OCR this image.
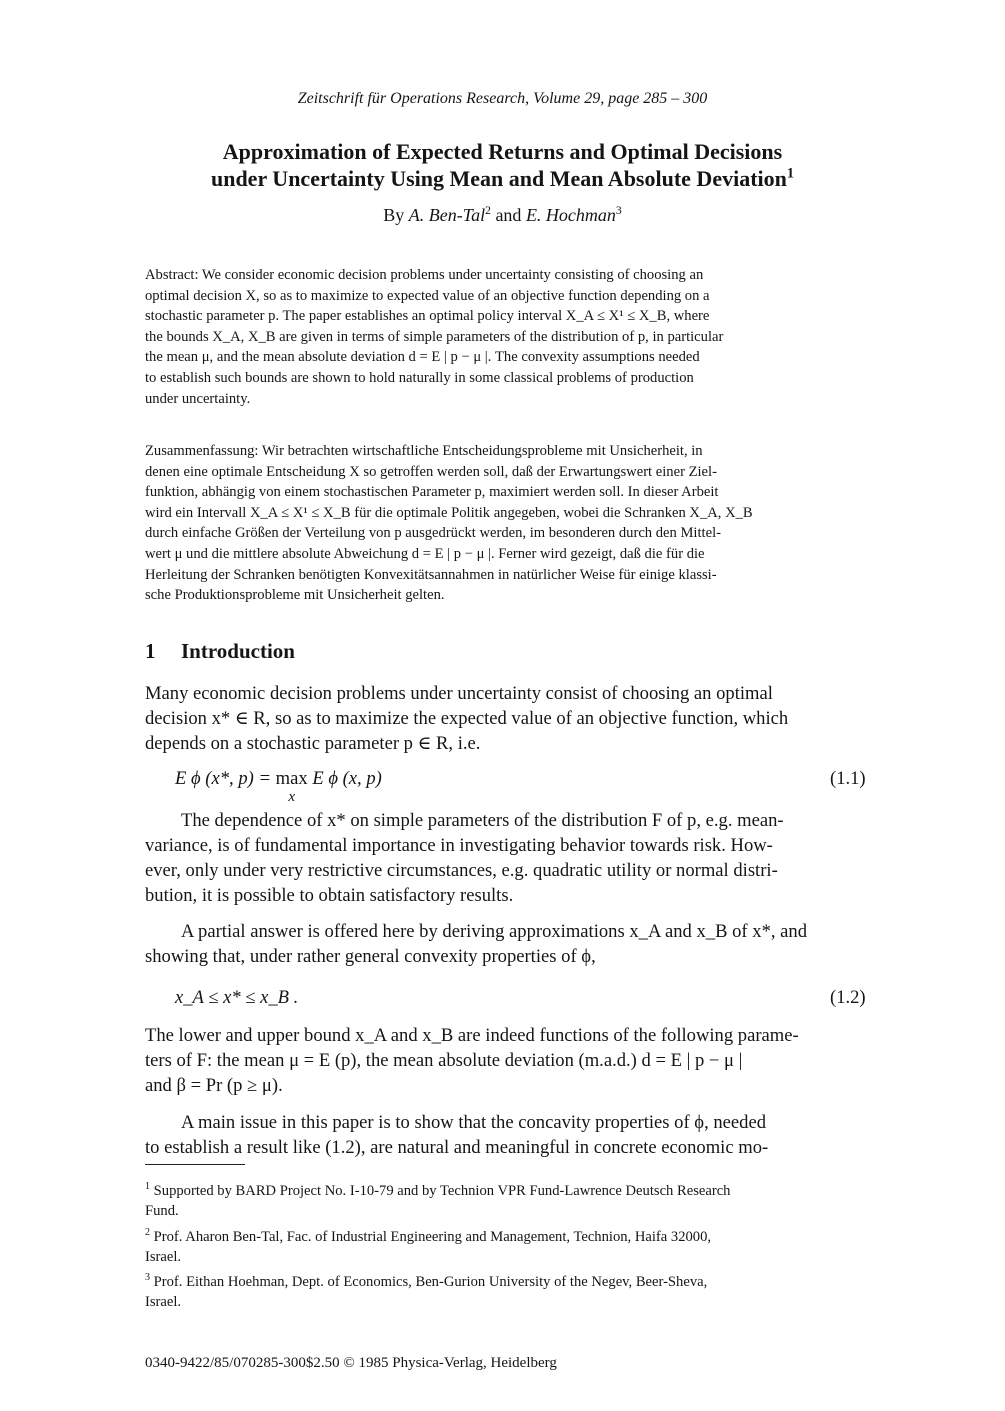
Zeitschrift für Operations Research, Volume 29, page 285 – 300
Approximation of Expected Returns and Optimal Decisions
under Uncertainty Using Mean and Mean Absolute Deviation$^1$
By A. Ben-Tal$^2$ and E. Hochman$^3$
Abstract: We consider economic decision problems under uncertainty consisting of choosing an
optimal decision X, so as to maximize to expected value of an objective function depending on a
stochastic parameter p. The paper establishes an optimal policy interval X_A ≤ X¹ ≤ X_B, where
the bounds X_A, X_B are given in terms of simple parameters of the distribution of p, in particular
the mean μ, and the mean absolute deviation d = E | p − μ |. The convexity assumptions needed
to establish such bounds are shown to hold naturally in some classical problems of production
under uncertainty.
Zusammenfassung: Wir betrachten wirtschaftliche Entscheidungsprobleme mit Unsicherheit, in
denen eine optimale Entscheidung X so getroffen werden soll, daß der Erwartungswert einer Ziel-
funktion, abhängig von einem stochastischen Parameter p, maximiert werden soll. In dieser Arbeit
wird ein Intervall X_A ≤ X¹ ≤ X_B für die optimale Politik angegeben, wobei die Schranken X_A, X_B
durch einfache Größen der Verteilung von p ausgedrückt werden, im besonderen durch den Mittel-
wert μ und die mittlere absolute Abweichung d = E | p − μ |. Ferner wird gezeigt, daß die für die
Herleitung der Schranken benötigten Konvexitätsannahmen in natürlicher Weise für einige klassi-
sche Produktionsprobleme mit Unsicherheit gelten.
1 Introduction
Many economic decision problems under uncertainty consist of choosing an optimal
decision x* ∈ R, so as to maximize the expected value of an objective function, which
depends on a stochastic parameter p ∈ R, i.e.
E ϕ (x*, p) = max
x
E ϕ (x, p)	(1.1)
The dependence of x* on simple parameters of the distribution F of p, e.g. mean-
variance, is of fundamental importance in investigating behavior towards risk. How-
ever, only under very restrictive circumstances, e.g. quadratic utility or normal distri-
bution, it is possible to obtain satisfactory results.
A partial answer is offered here by deriving approximations x_A and x_B of x*, and
showing that, under rather general convexity properties of ϕ,
x_A ≤ x* ≤ x_B .	(1.2)
The lower and upper bound x_A and x_B are indeed functions of the following parame-
ters of F: the mean μ = E (p), the mean absolute deviation (m.a.d.) d = E | p − μ |
and β = Pr (p ≥ μ).
A main issue in this paper is to show that the concavity properties of ϕ, needed
to establish a result like (1.2), are natural and meaningful in concrete economic mo-
$^1$ Supported by BARD Project No. I-10-79 and by Technion VPR Fund-Lawrence Deutsch Research
Fund.
$^2$ Prof. Aharon Ben-Tal, Fac. of Industrial Engineering and Management, Technion, Haifa 32000,
Israel.
$^3$ Prof. Eithan Hoehman, Dept. of Economics, Ben-Gurion University of the Negev, Beer-Sheva,
Israel.
0340-9422/85/070285-300$2.50 © 1985 Physica-Verlag, Heidelberg
